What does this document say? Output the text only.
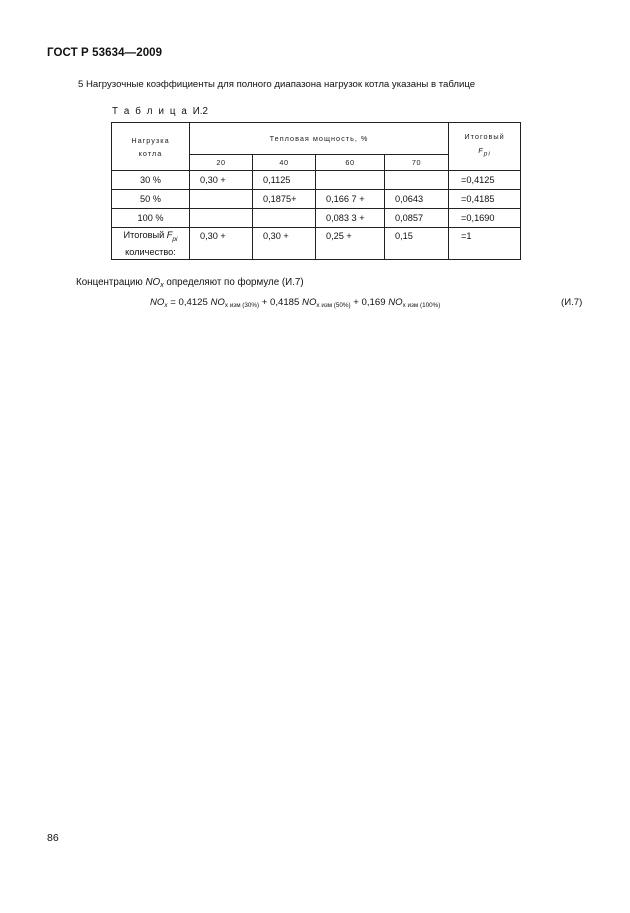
ГОСТ Р 53634—2009
5 Нагрузочные коэффициенты для полного диапазона нагрузок котла указаны в таблице
Т а б л и ц а И.2
Нагрузка котла	Тепловая мощность, %				Итоговый
Fpi
	20	40	60	70	
30 %	0,30 +	0,1125			=0,4125
50 %		0,1875+	0,166 7 +	0,0643	=0,4185
100 %			0,083 3 +	0,0857	=0,1690
Итоговый $F_{pi}$
количество:	0,30 +	0,30 +	0,25 +	0,15	=1
Концентрацию $NO_x$ определяют по формуле (И.7)
$NO_x = 0,4125$ $NO_{x изм (30\%)} + 0,4185$ $NO_{x изм (50\%)} + 0,169$ $NO_{x изм (100\%)}$	(И.7)
86
